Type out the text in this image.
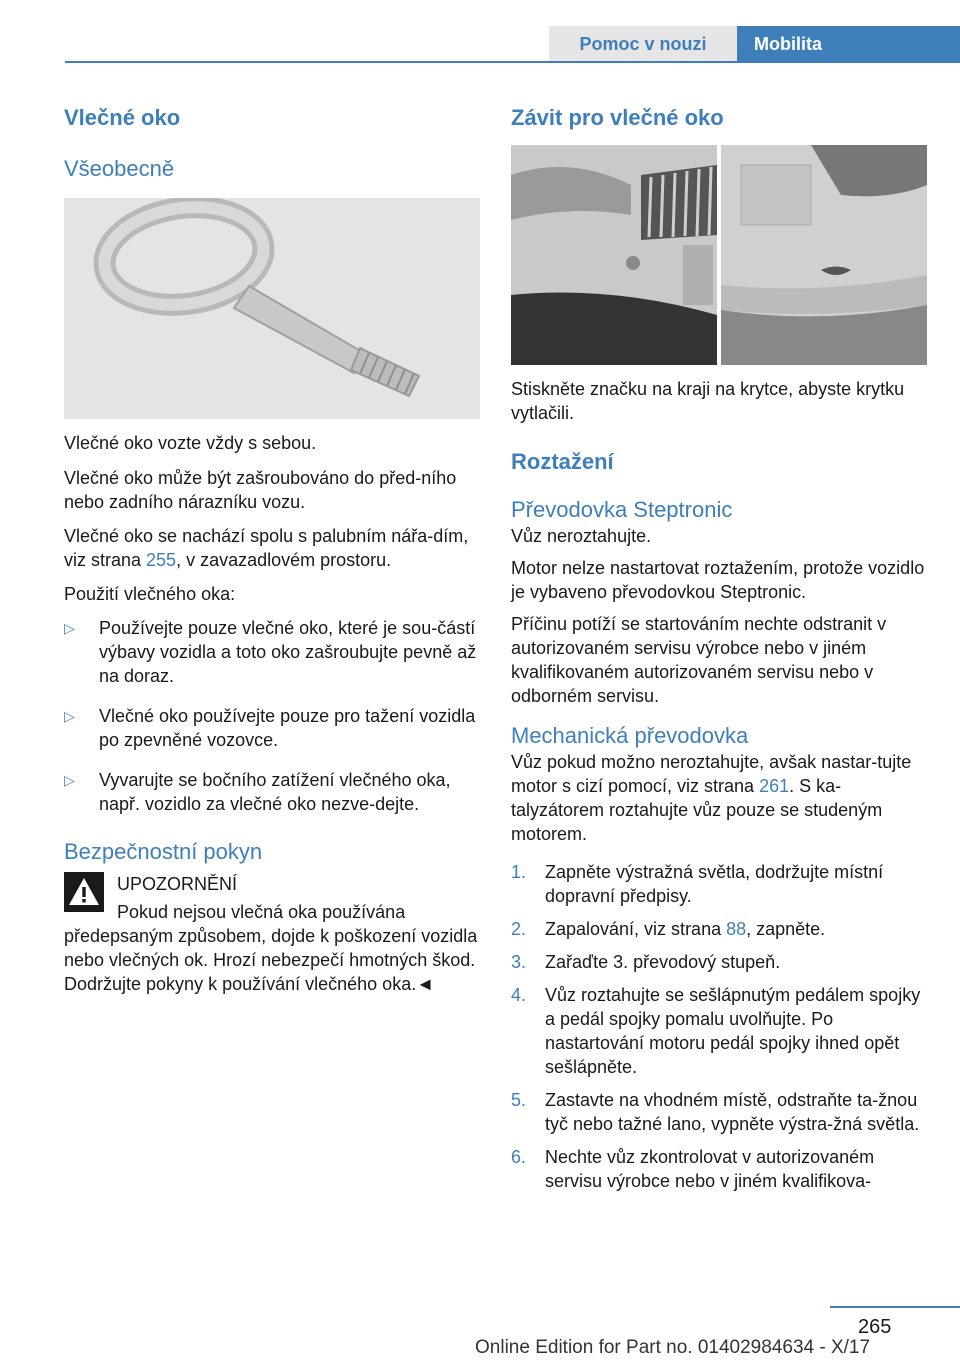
Pomoc v nouzi	Mobilita
Vlečné oko
Všeobecně

Vlečné oko vozte vždy s sebou.

Vlečné oko může být zašroubováno do před-ního nebo zadního nárazníku vozu.

Vlečné oko se nachází spolu s palubním nářa-dím, viz strana 255, v zavazadlovém prostoru.

Použití vlečného oka:

▷ Používejte pouze vlečné oko, které je sou-částí výbavy vozidla a toto oko zašroubujte pevně až na doraz.
▷ Vlečné oko používejte pouze pro tažení vozidla po zpevněné vozovce.
▷ Vyvarujte se bočního zatížení vlečného oka, např. vozidlo za vlečné oko nezve-dejte.
Bezpečnostní pokyn

UPOZORNĚNÍ

Pokud nejsou vlečná oka používána předepsaným způsobem, dojde k poškození vozidla nebo vlečných ok. Hrozí nebezpečí hmotných škod. Dodržujte pokyny k používání vlečného oka.◄

Závit pro vlečné oko

Stiskněte značku na kraji na krytce, abyste krytku vytlačili.

Roztažení
Převodovka Steptronic

Vůz neroztahujte.

Motor nelze nastartovat roztažením, protože vozidlo je vybaveno převodovkou Steptronic.

Příčinu potíží se startováním nechte odstranit v autorizovaném servisu výrobce nebo v jiném kvalifikovaném autorizovaném servisu nebo v odborném servisu.

Mechanická převodovka

Vůz pokud možno neroztahujte, avšak nastar-tujte motor s cizí pomocí, viz strana 261. S ka-talyzátorem roztahujte vůz pouze se studeným motorem.

1. Zapněte výstražná světla, dodržujte místní dopravní předpisy.
2. Zapalování, viz strana 88, zapněte.
3. Zařaďte 3. převodový stupeň.
4. Vůz roztahujte se sešlápnutým pedálem spojky a pedál spojky pomalu uvolňujte. Po nastartování motoru pedál spojky ihned opět sešlápněte.
5. Zastavte na vhodném místě, odstraňte ta-žnou tyč nebo tažné lano, vypněte výstra-žná světla.
6. Nechte vůz zkontrolovat v autorizovaném servisu výrobce nebo v jiném kvalifikova-
265
Online Edition for Part no. 01402984634 - X/17
